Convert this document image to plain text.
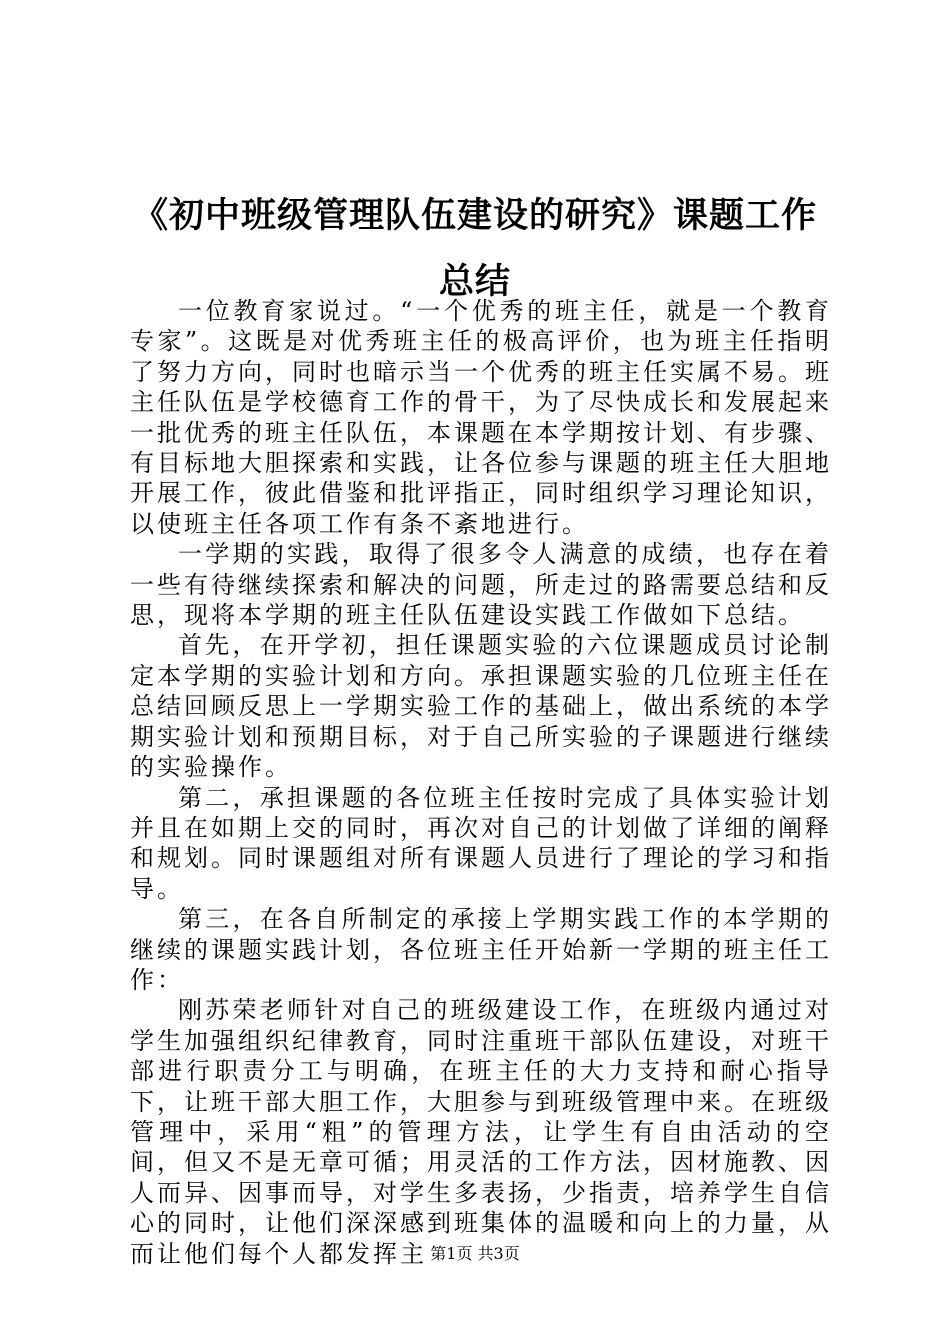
《初中班级管理队伍建设的研究》课题工作总结

一位教育家说过。“一个优秀的班主任，就是一个教育专家”。这既是对优秀班主任的极高评价，也为班主任指明了努力方向，同时也暗示当一个优秀的班主任实属不易。班主任队伍是学校德育工作的骨干，为了尽快成长和发展起来一批优秀的班主任队伍，本课题在本学期按计划、有步骤、有目标地大胆探索和实践，让各位参与课题的班主任大胆地开展工作，彼此借鉴和批评指正，同时组织学习理论知识，以使班主任各项工作有条不紊地进行。

一学期的实践，取得了很多令人满意的成绩，也存在着一些有待继续探索和解决的问题，所走过的路需要总结和反思，现将本学期的班主任队伍建设实践工作做如下总结。

首先，在开学初，担任课题实验的六位课题成员讨论制定本学期的实验计划和方向。承担课题实验的几位班主任在总结回顾反思上一学期实验工作的基础上，做出系统的本学期实验计划和预期目标，对于自己所实验的子课题进行继续的实验操作。

第二，承担课题的各位班主任按时完成了具体实验计划并且在如期上交的同时，再次对自己的计划做了详细的阐释和规划。同时课题组对所有课题人员进行了理论的学习和指导。

第三，在各自所制定的承接上学期实践工作的本学期的继续的课题实践计划，各位班主任开始新一学期的班主任工作：

刚苏荣老师针对自己的班级建设工作，在班级内通过对学生加强组织纪律教育，同时注重班干部队伍建设，对班干部进行职责分工与明确，在班主任的大力支持和耐心指导下，让班干部大胆工作，大胆参与到班级管理中来。在班级管理中，采用“粗”的管理方法，让学生有自由活动的空间，但又不是无章可循；用灵活的工作方法，因材施教、因人而异、因事而导，对学生多表扬，少指责，培养学生自信心的同时，让他们深深感到班集体的温暖和向上的力量，从而让他们每个人都发挥主 第1页 共3页
